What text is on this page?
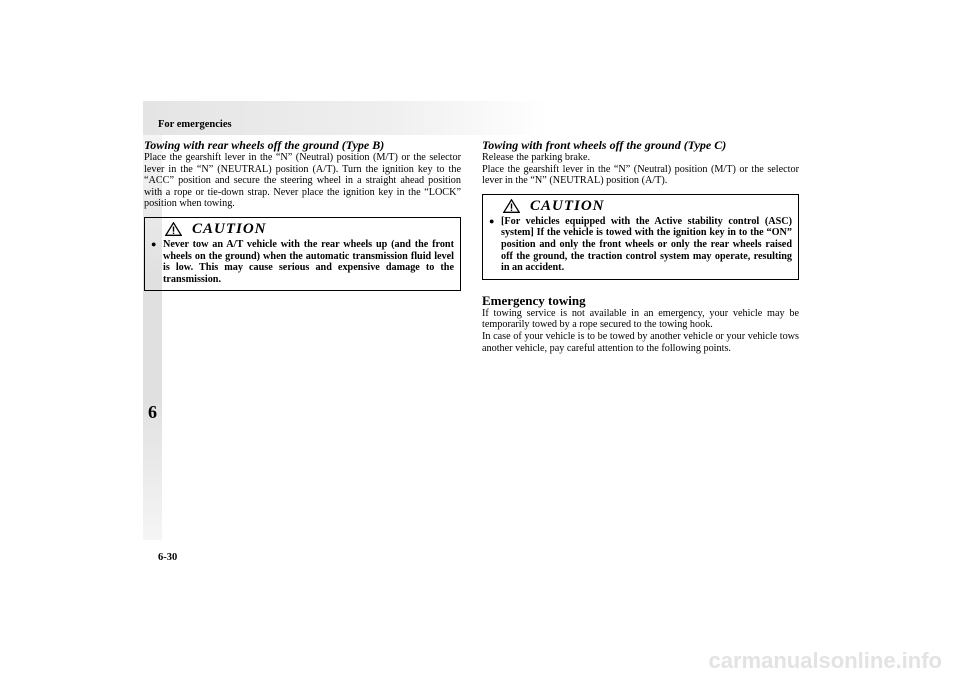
For emergencies
6
Towing with rear wheels off the ground (Type B)

Place the gearshift lever in the “N” (Neutral) position (M/T) or the selector lever in the “N” (NEUTRAL) position (A/T). Turn the ignition key to the “ACC” position and secure the steering wheel in a straight ahead position with a rope or tie-down strap. Never place the ignition key in the “LOCK” position when towing.

CAUTION
● Never tow an A/T vehicle with the rear wheels up (and the front wheels on the ground) when the automatic transmission fluid level is low. This may cause serious and expensive damage to the transmission.
Towing with front wheels off the ground (Type C)

Release the parking brake.

Place the gearshift lever in the “N” (Neutral) position (M/T) or the selector lever in the “N” (NEUTRAL) position (A/T).

CAUTION
● [For vehicles equipped with the Active stability control (ASC) system] If the vehicle is towed with the ignition key in to the “ON” position and only the front wheels or only the rear wheels raised off the ground, the traction control system may operate, resulting in an accident.
Emergency towing

If towing service is not available in an emergency, your vehicle may be temporarily towed by a rope secured to the towing hook.

In case of your vehicle is to be towed by another vehicle or your vehicle tows another vehicle, pay careful attention to the following points.

6-30
carmanualsonline.info
